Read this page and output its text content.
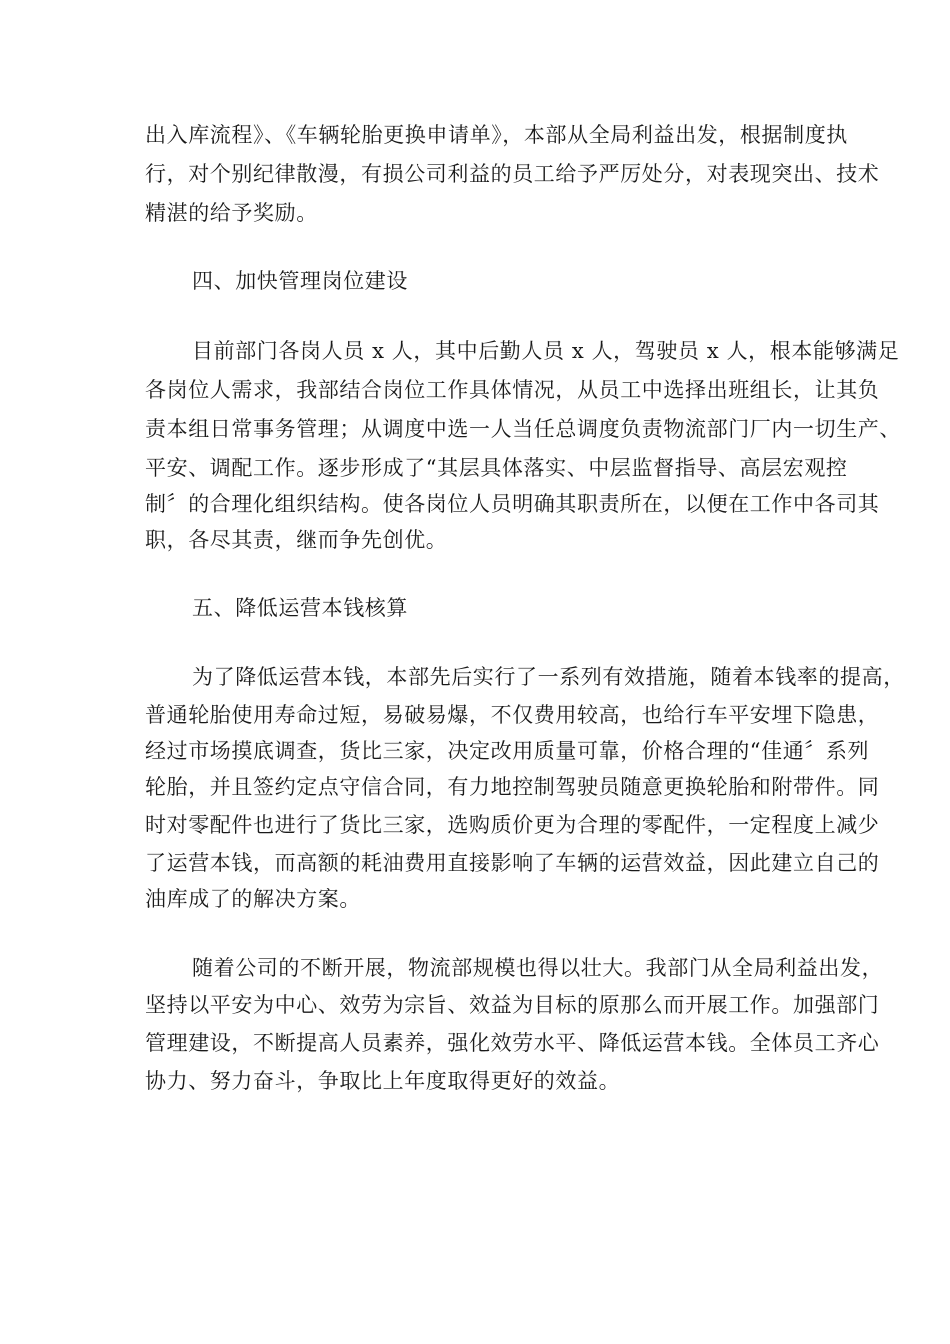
出入库流程》、《车辆轮胎更换申请单》，本部从全局利益出发，根据制度执
行，对个别纪律散漫，有损公司利益的员工给予严厉处分，对表现突出、技术
精湛的给予奖励。
四、加快管理岗位建设
目前部门各岗人员 x 人，其中后勤人员 x 人，驾驶员 x 人，根本能够满足
各岗位人需求，我部结合岗位工作具体情况，从员工中选择出班组长，让其负
责本组日常事务管理；从调度中选一人当任总调度负责物流部门厂内一切生产、
平安、调配工作。逐步形成了“其层具体落实、中层监督指导、高层宏观控
制〞的合理化组织结构。使各岗位人员明确其职责所在，以便在工作中各司其
职，各尽其责，继而争先创优。
五、降低运营本钱核算
为了降低运营本钱，本部先后实行了一系列有效措施，随着本钱率的提高，
普通轮胎使用寿命过短，易破易爆，不仅费用较高，也给行车平安埋下隐患，
经过市场摸底调查，货比三家，决定改用质量可靠，价格合理的“佳通〞系列
轮胎，并且签约定点守信合同，有力地控制驾驶员随意更换轮胎和附带件。同
时对零配件也进行了货比三家，选购质价更为合理的零配件，一定程度上减少
了运营本钱，而高额的耗油费用直接影响了车辆的运营效益，因此建立自己的
油库成了的解决方案。
随着公司的不断开展，物流部规模也得以壮大。我部门从全局利益出发，
坚持以平安为中心、效劳为宗旨、效益为目标的原那么而开展工作。加强部门
管理建设，不断提高人员素养，强化效劳水平、降低运营本钱。全体员工齐心
协力、努力奋斗，争取比上年度取得更好的效益。
